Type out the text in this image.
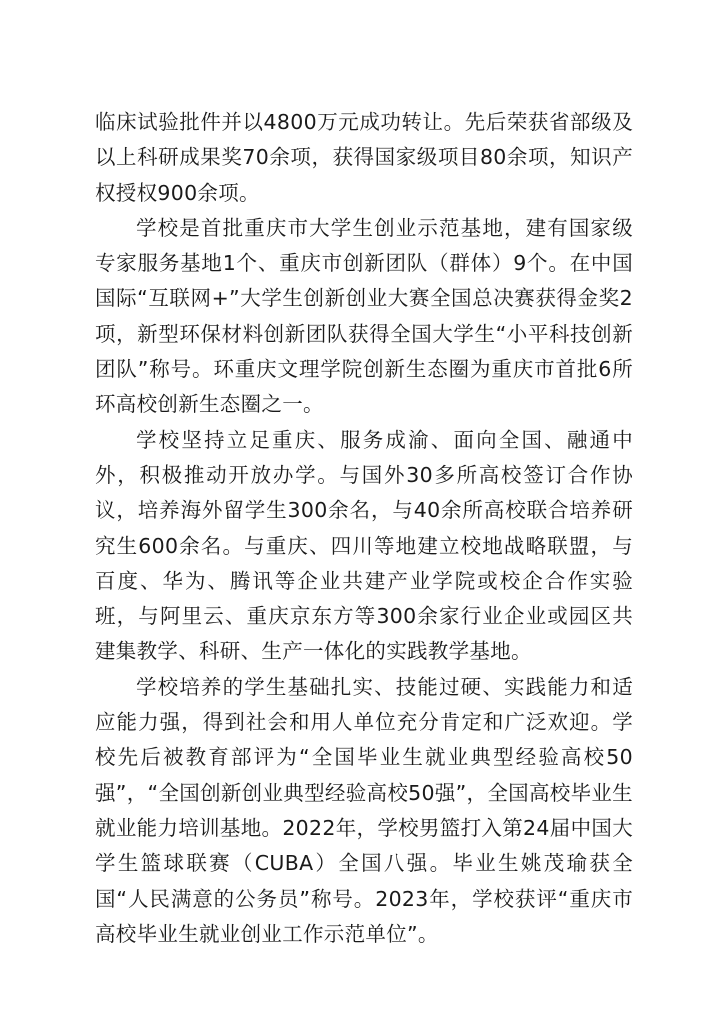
临床试验批件并以4800万元成功转让。先后荣获省部级及以上科研成果奖70余项，获得国家级项目80余项，知识产权授权900余项。

学校是首批重庆市大学生创业示范基地，建有国家级专家服务基地1个、重庆市创新团队（群体）9个。在中国国际“互联网+”大学生创新创业大赛全国总决赛获得金奖2项，新型环保材料创新团队获得全国大学生“小平科技创新团队”称号。环重庆文理学院创新生态圈为重庆市首批6所环高校创新生态圈之一。

学校坚持立足重庆、服务成渝、面向全国、融通中外，积极推动开放办学。与国外30多所高校签订合作协议，培养海外留学生300余名，与40余所高校联合培养研究生600余名。与重庆、四川等地建立校地战略联盟，与百度、华为、腾讯等企业共建产业学院或校企合作实验班，与阿里云、重庆京东方等300余家行业企业或园区共建集教学、科研、生产一体化的实践教学基地。

学校培养的学生基础扎实、技能过硬、实践能力和适应能力强，得到社会和用人单位充分肯定和广泛欢迎。学校先后被教育部评为“全国毕业生就业典型经验高校50强”，“全国创新创业典型经验高校50强”，全国高校毕业生就业能力培训基地。2022年，学校男篮打入第24届中国大学生篮球联赛（CUBA）全国八强。毕业生姚茂瑜获全国“人民满意的公务员”称号。2023年，学校获评“重庆市高校毕业生就业创业工作示范单位”。
